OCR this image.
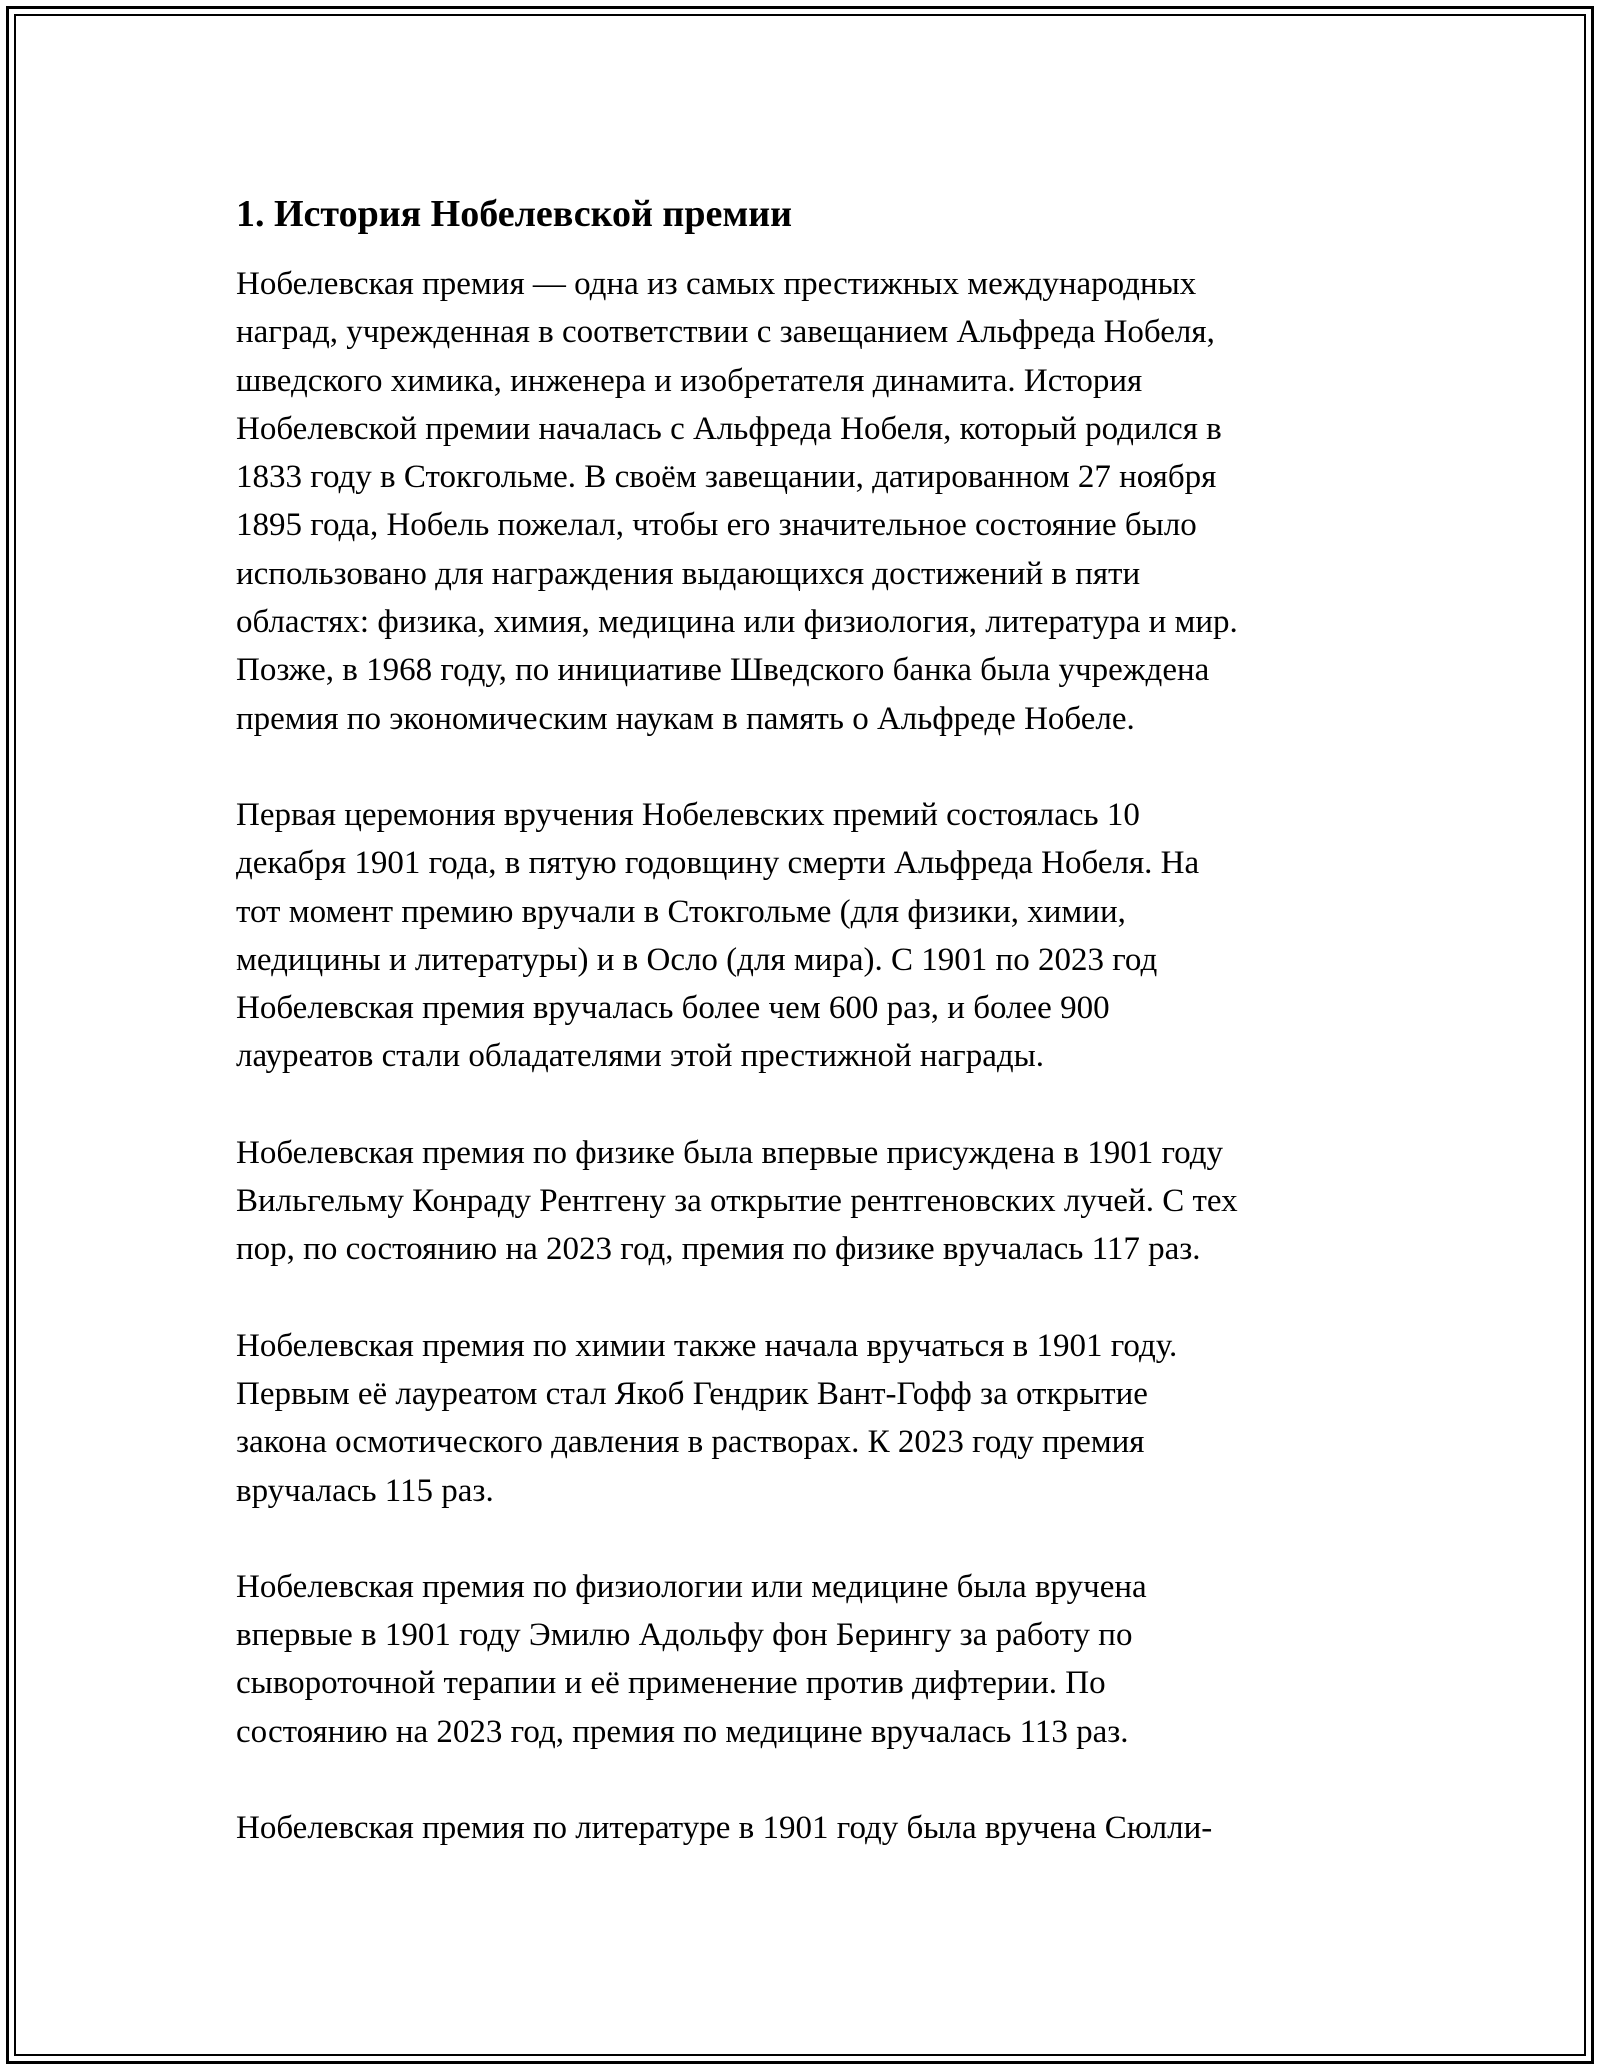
1. История Нобелевской премии
Нобелевская премия — одна из самых престижных международных
наград, учрежденная в соответствии с завещанием Альфреда Нобеля,
шведского химика, инженера и изобретателя динамита. История
Нобелевской премии началась с Альфреда Нобеля, который родился в
1833 году в Стокгольме. В своём завещании, датированном 27 ноября
1895 года, Нобель пожелал, чтобы его значительное состояние было
использовано для награждения выдающихся достижений в пяти
областях: физика, химия, медицина или физиология, литература и мир.
Позже, в 1968 году, по инициативе Шведского банка была учреждена
премия по экономическим наукам в память о Альфреде Нобеле.
Первая церемония вручения Нобелевских премий состоялась 10
декабря 1901 года, в пятую годовщину смерти Альфреда Нобеля. На
тот момент премию вручали в Стокгольме (для физики, химии,
медицины и литературы) и в Осло (для мира). С 1901 по 2023 год
Нобелевская премия вручалась более чем 600 раз, и более 900
лауреатов стали обладателями этой престижной награды.
Нобелевская премия по физике была впервые присуждена в 1901 году
Вильгельму Конраду Рентгену за открытие рентгеновских лучей. С тех
пор, по состоянию на 2023 год, премия по физике вручалась 117 раз.
Нобелевская премия по химии также начала вручаться в 1901 году.
Первым её лауреатом стал Якоб Гендрик Вант-Гофф за открытие
закона осмотического давления в растворах. К 2023 году премия
вручалась 115 раз.
Нобелевская премия по физиологии или медицине была вручена
впервые в 1901 году Эмилю Адольфу фон Берингу за работу по
сывороточной терапии и её применение против дифтерии. По
состоянию на 2023 год, премия по медицине вручалась 113 раз.
Нобелевская премия по литературе в 1901 году была вручена Сюлли-
